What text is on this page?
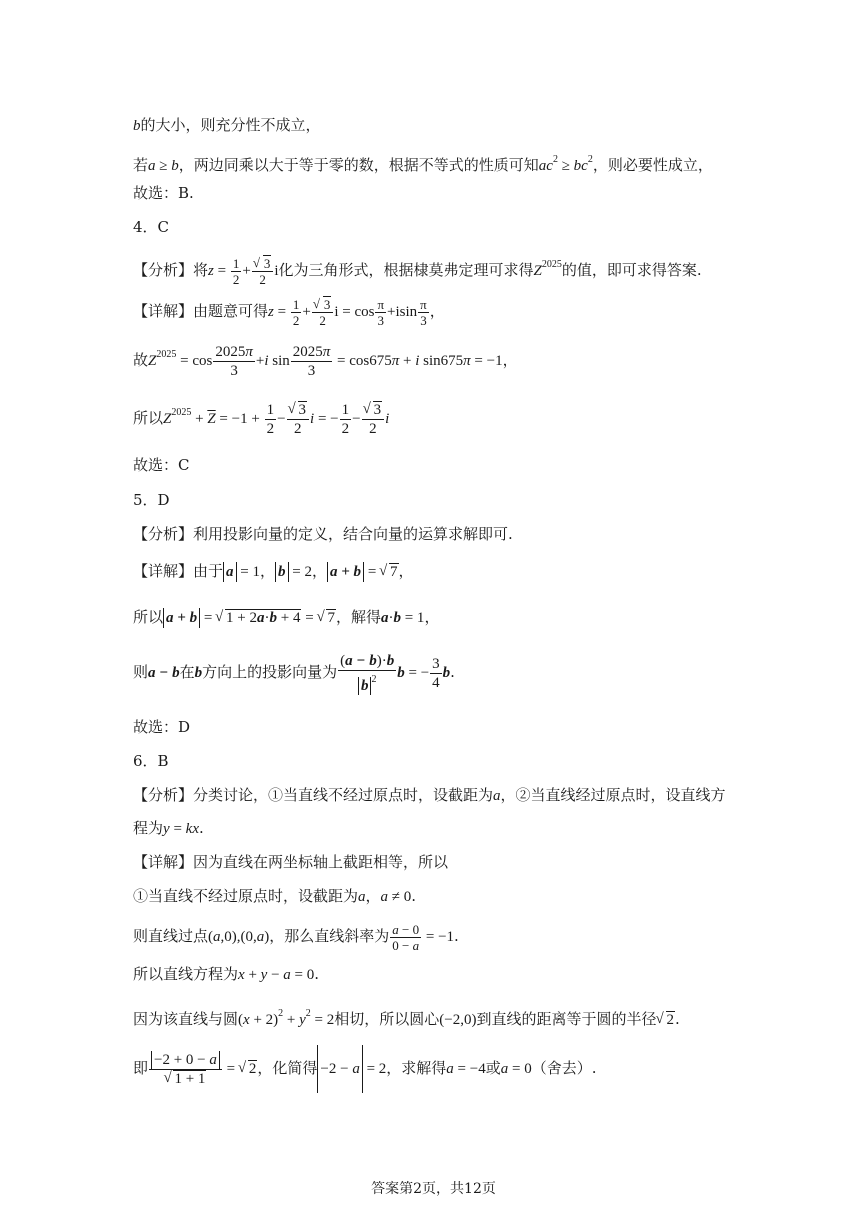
b的大小，则充分性不成立，
若a ≥ b，两边同乘以大于等于零的数，根据不等式的性质可知$ac^2 \ge bc^2$，则必要性成立，
故选：B.
4．C
【分析】将$z = \frac{1}{2}$ + √ $\frac{3}{2}$ i化为三角形式，根据棣莫弗定理可求得$Z^{2025}$的值，即可求得答案.
【详解】由题意可得$z = \frac{1}{2}$ + √ $\frac{3}{2}$ $i = \cos \frac{\pi}{3} +isin \frac{\pi}{3}$ ，
故$Z^{2025} = \cos \frac{2025\pi}{3} +i$ $\sin \frac{2025\pi}{3} = \cos 675\pi + i$ sin675π = −1，
所以$Z^{2025} + \overline{Z} = -1 + \frac{1}{2}$ − √ $\frac{3}{2}$ i = − $\frac{1}{2}$ − √ $\frac{3}{2}$ i
故选：C
5．D
【分析】利用投影向量的定义，结合向量的运算求解即可.
【详解】由于 a = 1， b = 2， a + b = √ 7，
所以 a + b = √ 1 + 2a·b + 4 = √ 7，解得a·b = 1，
则a − b在b方向上的投影向量为 $\frac{(a - b)\cdot b}{b ^2}$ b = − $\frac{3}{4} b$.
故选：D
6．B
【分析】分类讨论，①当直线不经过原点时，设截距为a，②当直线经过原点时，设直线方
程为y = kx.
【详解】因为直线在两坐标轴上截距相等，所以
①当直线不经过原点时，设截距为a，a ≠ 0.
则直线过点(a,0),(0,a)，那么直线斜率为 $\frac{a - 0}{0 - a} = -1$.
所以直线方程为x + y − a = 0.
因为该直线与圆$(x + 2)^2 + y^2 = 2$相切，所以圆心(−2,0)到直线的距离等于圆的半径 √ 2.
即 −2 + 0 − a
√ 1 + 1 = √ 2，化简得 −2 − a = 2，求解得a = −4或a = 0（舍去）.
答案第2页，共12页
